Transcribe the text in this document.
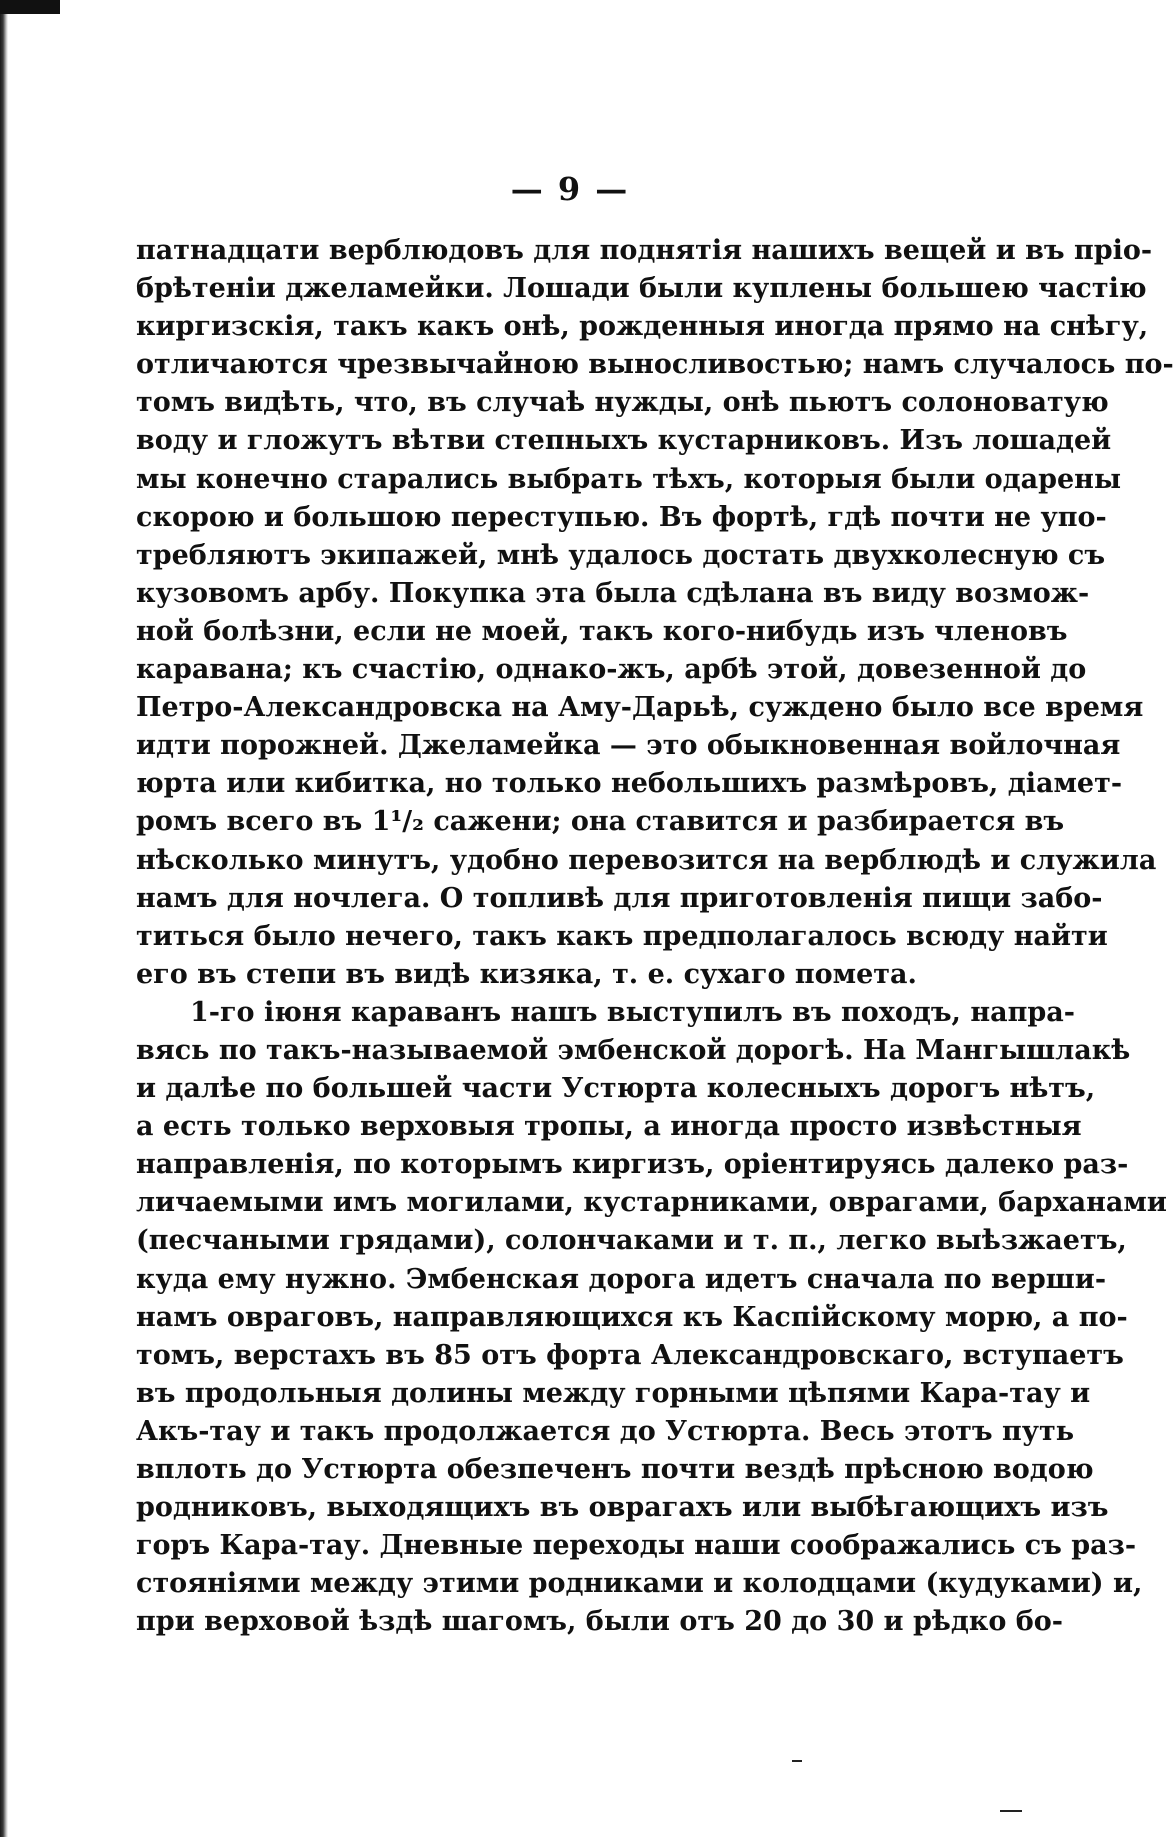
— 9 —
патнадцати верблюдовъ для поднятія нашихъ вещей и въ пріо-
брѣтеніи джеламейки. Лошади были куплены большею частію
киргизскія, такъ какъ онѣ, рожденныя иногда прямо на снѣгу,
отличаются чрезвычайною выносливостью; намъ случалось по-
томъ видѣть, что, въ случаѣ нужды, онѣ пьютъ солоноватую
воду и гложутъ вѣтви степныхъ кустарниковъ. Изъ лошадей
мы конечно старались выбрать тѣхъ, которыя были одарены
скорою и большою переступью. Въ фортѣ, гдѣ почти не упо-
требляютъ экипажей, мнѣ удалось достать двухколесную съ
кузовомъ арбу. Покупка эта была сдѣлана въ виду возмож-
ной болѣзни, если не моей, такъ кого-нибудь изъ членовъ
каравана; къ счастію, однако-жъ, арбѣ этой, довезенной до
Петро-Александровска на Аму-Дарьѣ, суждено было все время
идти порожней. Джеламейка — это обыкновенная войлочная
юрта или кибитка, но только небольшихъ размѣровъ, діамет-
ромъ всего въ 1¹/₂ сажени; она ставится и разбирается въ
нѣсколько минутъ, удобно перевозится на верблюдѣ и служила
намъ для ночлега. О топливѣ для приготовленія пищи забо-
титься было нечего, такъ какъ предполагалось всюду найти
его въ степи въ видѣ кизяка, т. е. сухаго помета.
1-го іюня караванъ нашъ выступилъ въ походъ, напра-
вясь по такъ-называемой эмбенской дорогѣ. На Мангышлакѣ
и далѣе по большей части Устюрта колесныхъ дорогъ нѣтъ,
а есть только верховыя тропы, а иногда просто извѣстныя
направленія, по которымъ киргизъ, оріентируясь далеко раз-
личаемыми имъ могилами, кустарниками, оврагами, барханами
(песчаными грядами), солончаками и т. п., легко выѣзжаетъ,
куда ему нужно. Эмбенская дорога идетъ сначала по верши-
намъ овраговъ, направляющихся къ Каспійскому морю, а по-
томъ, верстахъ въ 85 отъ форта Александровскаго, вступаетъ
въ продольныя долины между горными цѣпями Кара-тау и
Акъ-тау и такъ продолжается до Устюрта. Весь этотъ путь
вплоть до Устюрта обезпеченъ почти вездѣ прѣсною водою
родниковъ, выходящихъ въ оврагахъ или выбѣгающихъ изъ
горъ Кара-тау. Дневные переходы наши соображались съ раз-
стояніями между этими родниками и колодцами (кудуками) и,
при верховой ѣздѣ шагомъ, были отъ 20 до 30 и рѣдко бо-
